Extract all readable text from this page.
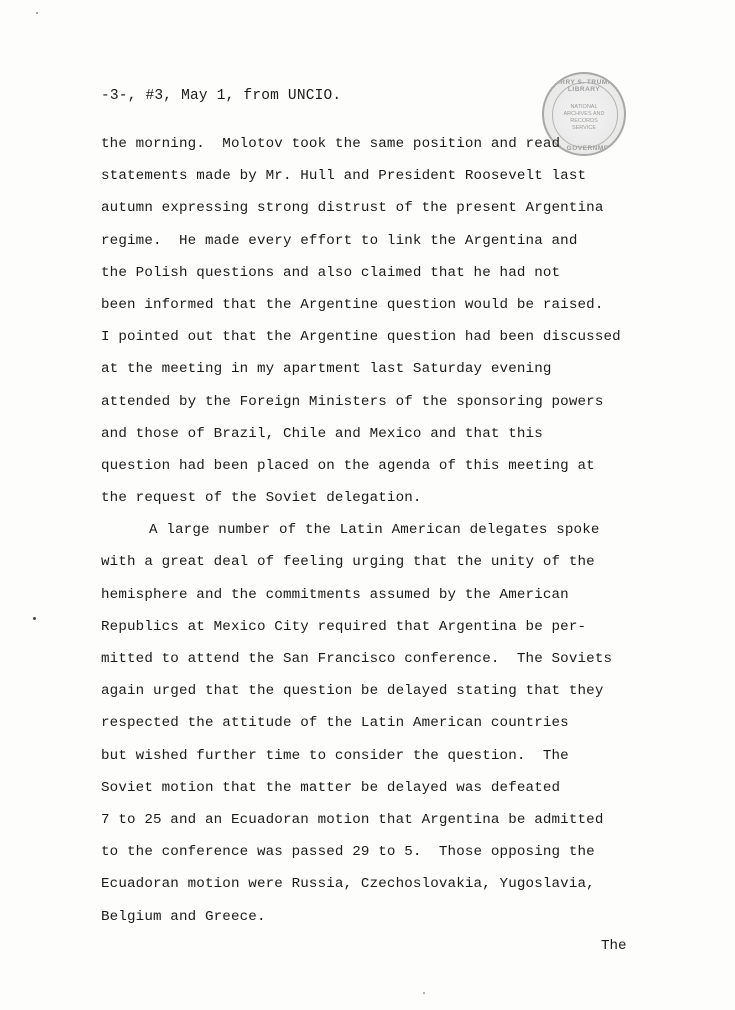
-3-, #3, May 1, from UNCIO.
HARRY S. TRUMAN LIBRARY
NATIONAL
ARCHIVES AND
RECORDS
SERVICE
U.S. GOVERNMENT
the morning.  Molotov took the same position and read
statements made by Mr. Hull and President Roosevelt last
autumn expressing strong distrust of the present Argentina
regime.  He made every effort to link the Argentina and
the Polish questions and also claimed that he had not
been informed that the Argentine question would be raised.
I pointed out that the Argentine question had been discussed
at the meeting in my apartment last Saturday evening
attended by the Foreign Ministers of the sponsoring powers
and those of Brazil, Chile and Mexico and that this
question had been placed on the agenda of this meeting at
the request of the Soviet delegation.
A large number of the Latin American delegates spoke
with a great deal of feeling urging that the unity of the
hemisphere and the commitments assumed by the American
Republics at Mexico City required that Argentina be per-
mitted to attend the San Francisco conference.  The Soviets
again urged that the question be delayed stating that they
respected the attitude of the Latin American countries
but wished further time to consider the question.  The
Soviet motion that the matter be delayed was defeated
7 to 25 and an Ecuadoran motion that Argentina be admitted
to the conference was passed 29 to 5.  Those opposing the
Ecuadoran motion were Russia, Czechoslovakia, Yugoslavia,
Belgium and Greece.
The
